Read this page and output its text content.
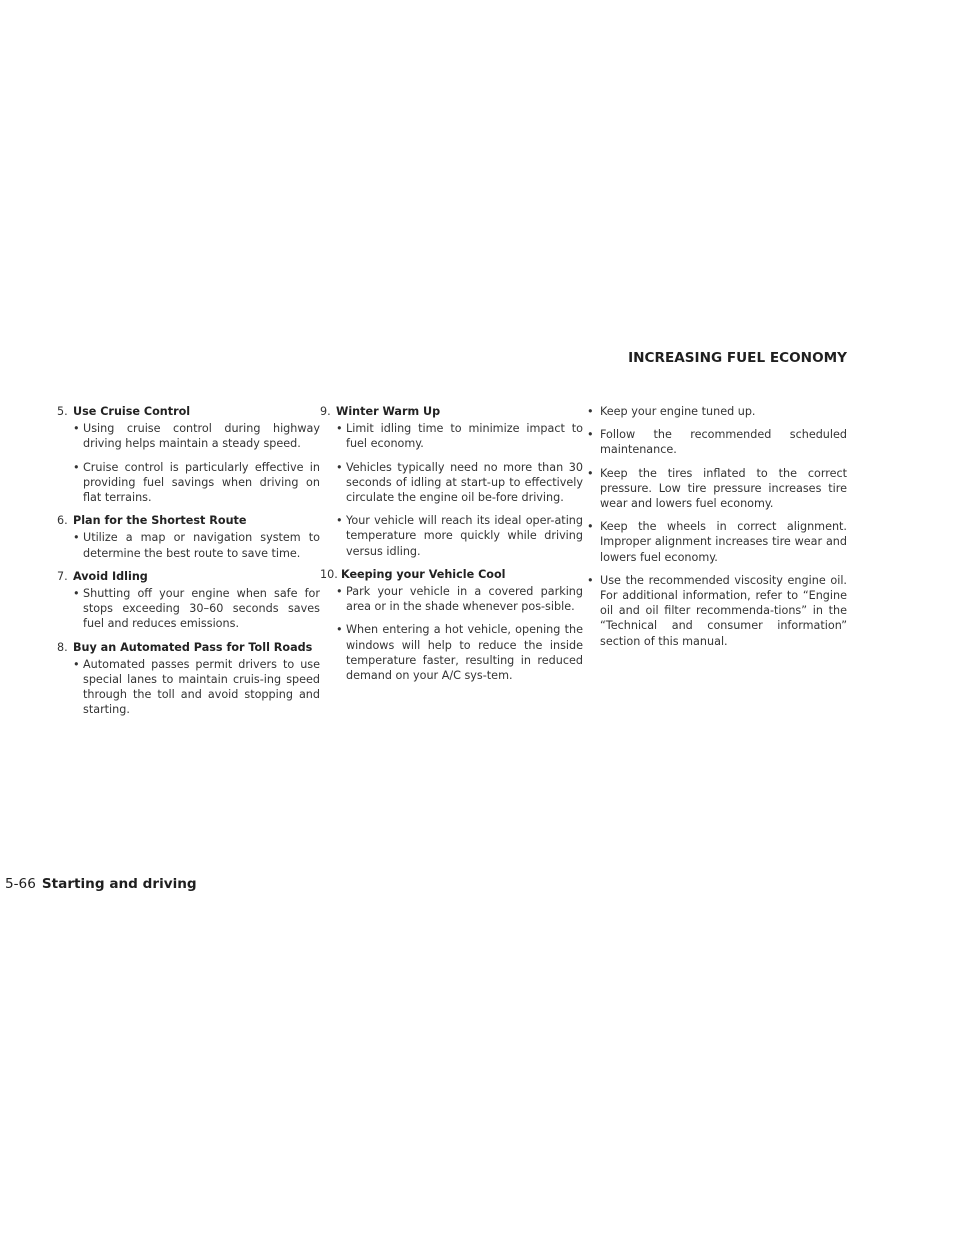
INCREASING FUEL ECONOMY
5. Use Cruise Control
• Using cruise control during highway driving helps maintain a steady speed.
• Cruise control is particularly effective in providing fuel savings when driving on flat terrains.
6. Plan for the Shortest Route
• Utilize a map or navigation system to determine the best route to save time.
7. Avoid Idling
• Shutting off your engine when safe for stops exceeding 30–60 seconds saves fuel and reduces emissions.
8. Buy an Automated Pass for Toll Roads
• Automated passes permit drivers to use special lanes to maintain cruis-ing speed through the toll and avoid stopping and starting.
9. Winter Warm Up
• Limit idling time to minimize impact to fuel economy.
• Vehicles typically need no more than 30 seconds of idling at start-up to effectively circulate the engine oil be-fore driving.
• Your vehicle will reach its ideal oper-ating temperature more quickly while driving versus idling.
10. Keeping your Vehicle Cool
• Park your vehicle in a covered parking area or in the shade whenever pos-sible.
• When entering a hot vehicle, opening the windows will help to reduce the inside temperature faster, resulting in reduced demand on your A/C sys-tem.
• Keep your engine tuned up.
• Follow the recommended scheduled maintenance.
• Keep the tires inflated to the correct pressure. Low tire pressure increases tire wear and lowers fuel economy.
• Keep the wheels in correct alignment. Improper alignment increases tire wear and lowers fuel economy.
• Use the recommended viscosity engine oil. For additional information, refer to “Engine oil and oil filter recommenda-tions” in the “Technical and consumer information” section of this manual.
5-66 Starting and driving
